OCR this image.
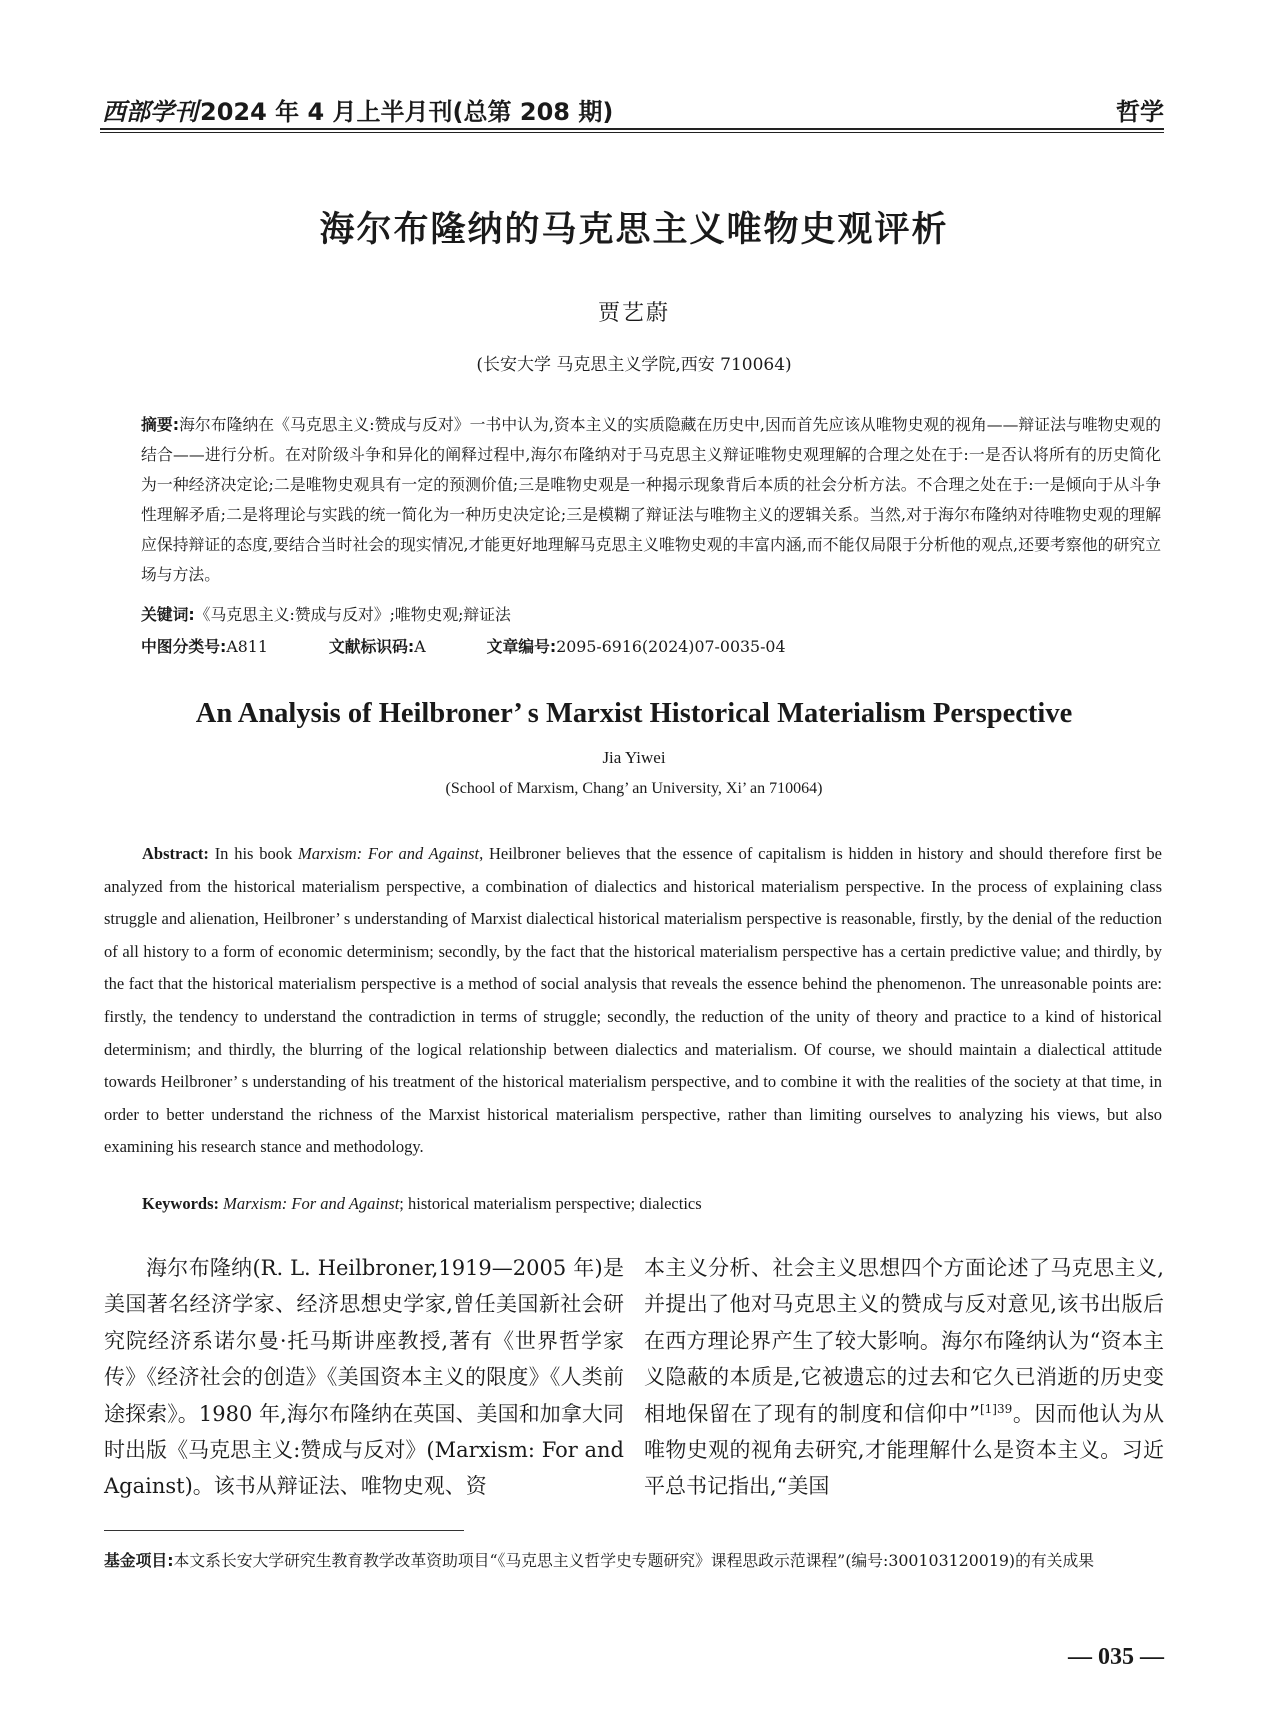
西部学刊2024 年 4 月上半月刊(总第 208 期)	哲学
海尔布隆纳的马克思主义唯物史观评析
贾艺蔚
(长安大学 马克思主义学院,西安 710064)
摘要:海尔布隆纳在《马克思主义:赞成与反对》一书中认为,资本主义的实质隐藏在历史中,因而首先应该从唯物史观的视角——辩证法与唯物史观的结合——进行分析。在对阶级斗争和异化的阐释过程中,海尔布隆纳对于马克思主义辩证唯物史观理解的合理之处在于:一是否认将所有的历史简化为一种经济决定论;二是唯物史观具有一定的预测价值;三是唯物史观是一种揭示现象背后本质的社会分析方法。不合理之处在于:一是倾向于从斗争性理解矛盾;二是将理论与实践的统一简化为一种历史决定论;三是模糊了辩证法与唯物主义的逻辑关系。当然,对于海尔布隆纳对待唯物史观的理解应保持辩证的态度,要结合当时社会的现实情况,才能更好地理解马克思主义唯物史观的丰富内涵,而不能仅局限于分析他的观点,还要考察他的研究立场与方法。
关键词:《马克思主义:赞成与反对》;唯物史观;辩证法
中图分类号:A811	文献标识码:A	文章编号:2095-6916(2024)07-0035-04
An Analysis of Heilbroner’ s Marxist Historical Materialism Perspective
Jia Yiwei
(School of Marxism, Chang’ an University, Xi’ an 710064)
Abstract: In his book Marxism: For and Against, Heilbroner believes that the essence of capitalism is hidden in history and should therefore first be analyzed from the historical materialism perspective, a combination of dialectics and historical materialism perspective. In the process of explaining class struggle and alienation, Heilbroner’ s understanding of Marxist dialectical historical materialism perspective is reasonable, firstly, by the denial of the reduction of all history to a form of economic determinism; secondly, by the fact that the historical materialism perspective has a certain predictive value; and thirdly, by the fact that the historical materialism perspective is a method of social analysis that reveals the essence behind the phenomenon. The unreasonable points are: firstly, the tendency to understand the contradiction in terms of struggle; secondly, the reduction of the unity of theory and practice to a kind of historical determinism; and thirdly, the blurring of the logical relationship between dialectics and materialism. Of course, we should maintain a dialectical attitude towards Heilbroner’ s understanding of his treatment of the historical materialism perspective, and to combine it with the realities of the society at that time, in order to better understand the richness of the Marxist historical materialism perspective, rather than limiting ourselves to analyzing his views, but also examining his research stance and methodology.
Keywords: Marxism: For and Against; historical materialism perspective; dialectics
海尔布隆纳(R. L. Heilbroner,1919—2005 年)是美国著名经济学家、经济思想史学家,曾任美国新社会研究院经济系诺尔曼·托马斯讲座教授,著有《世界哲学家传》《经济社会的创造》《美国资本主义的限度》《人类前途探索》。1980 年,海尔布隆纳在英国、美国和加拿大同时出版《马克思主义:赞成与反对》(Marxism: For and Against)。该书从辩证法、唯物史观、资
本主义分析、社会主义思想四个方面论述了马克思主义,并提出了他对马克思主义的赞成与反对意见,该书出版后在西方理论界产生了较大影响。海尔布隆纳认为“资本主义隐蔽的本质是,它被遗忘的过去和它久已消逝的历史变相地保留在了现有的制度和信仰中”$^{[1]39}$。因而他认为从唯物史观的视角去研究,才能理解什么是资本主义。习近平总书记指出,“美国
基金项目:本文系长安大学研究生教育教学改革资助项目“《马克思主义哲学史专题研究》课程思政示范课程”(编号:300103120019)的有关成果
— 035 —
